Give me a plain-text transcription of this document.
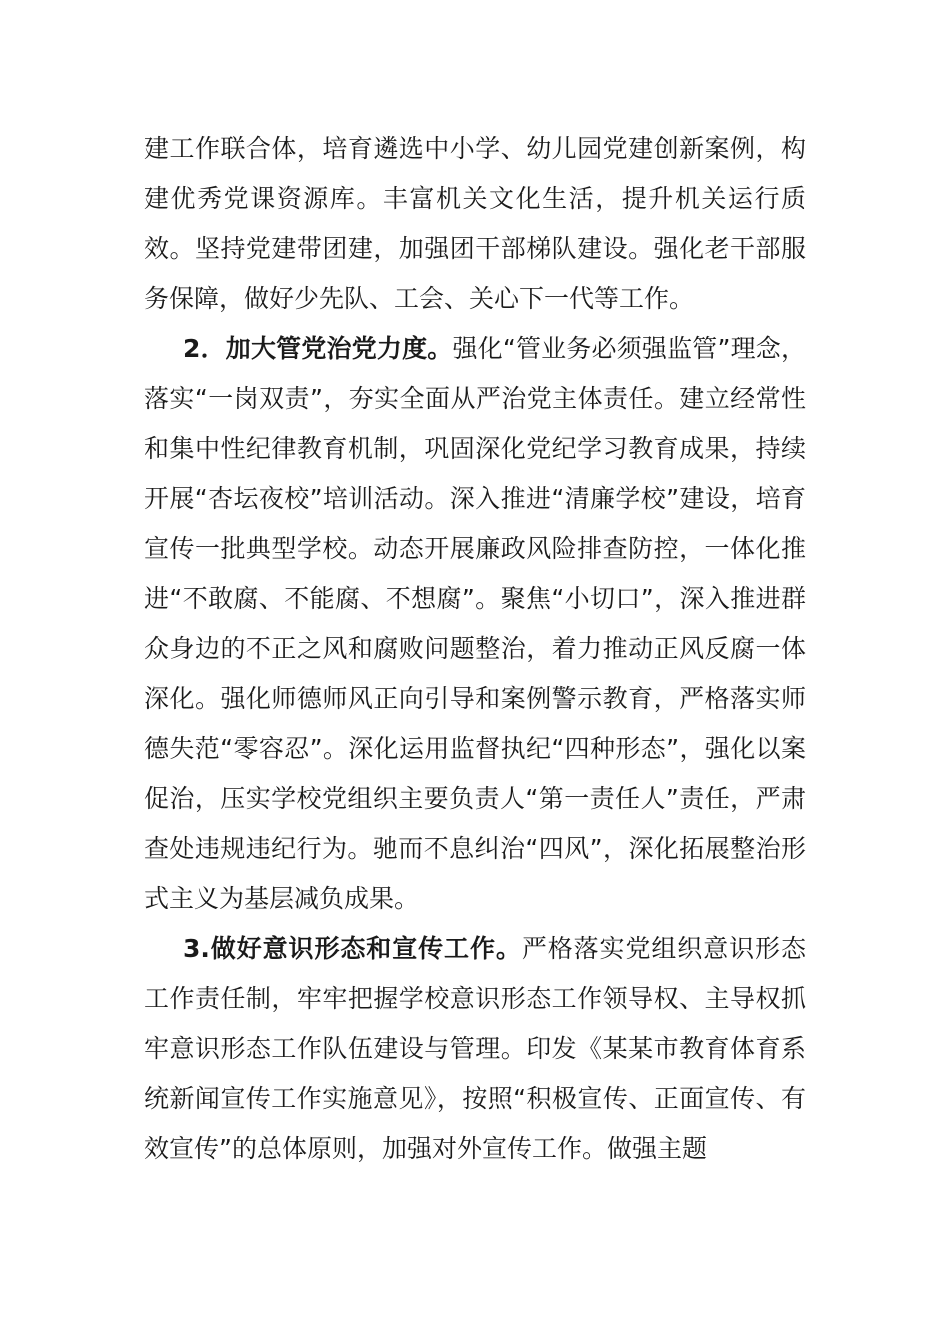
建工作联合体，培育遴选中小学、幼儿园党建创新案例，构建优秀党课资源库。丰富机关文化生活，提升机关运行质效。坚持党建带团建，加强团干部梯队建设。强化老干部服务保障，做好少先队、工会、关心下一代等工作。

2．加大管党治党力度。强化“管业务必须强监管”理念，落实“一岗双责”，夯实全面从严治党主体责任。建立经常性和集中性纪律教育机制，巩固深化党纪学习教育成果，持续开展“杏坛夜校”培训活动。深入推进“清廉学校”建设，培育宣传一批典型学校。动态开展廉政风险排查防控，一体化推进“不敢腐、不能腐、不想腐”。聚焦“小切口”，深入推进群众身边的不正之风和腐败问题整治，着力推动正风反腐一体深化。强化师德师风正向引导和案例警示教育，严格落实师德失范“零容忍”。深化运用监督执纪“四种形态”，强化以案促治，压实学校党组织主要负责人“第一责任人”责任，严肃查处违规违纪行为。驰而不息纠治“四风”，深化拓展整治形式主义为基层减负成果。

3.做好意识形态和宣传工作。严格落实党组织意识形态工作责任制，牢牢把握学校意识形态工作领导权、主导权抓牢意识形态工作队伍建设与管理。印发《某某市教育体育系统新闻宣传工作实施意见》，按照“积极宣传、正面宣传、有效宣传”的总体原则，加强对外宣传工作。做强主题
